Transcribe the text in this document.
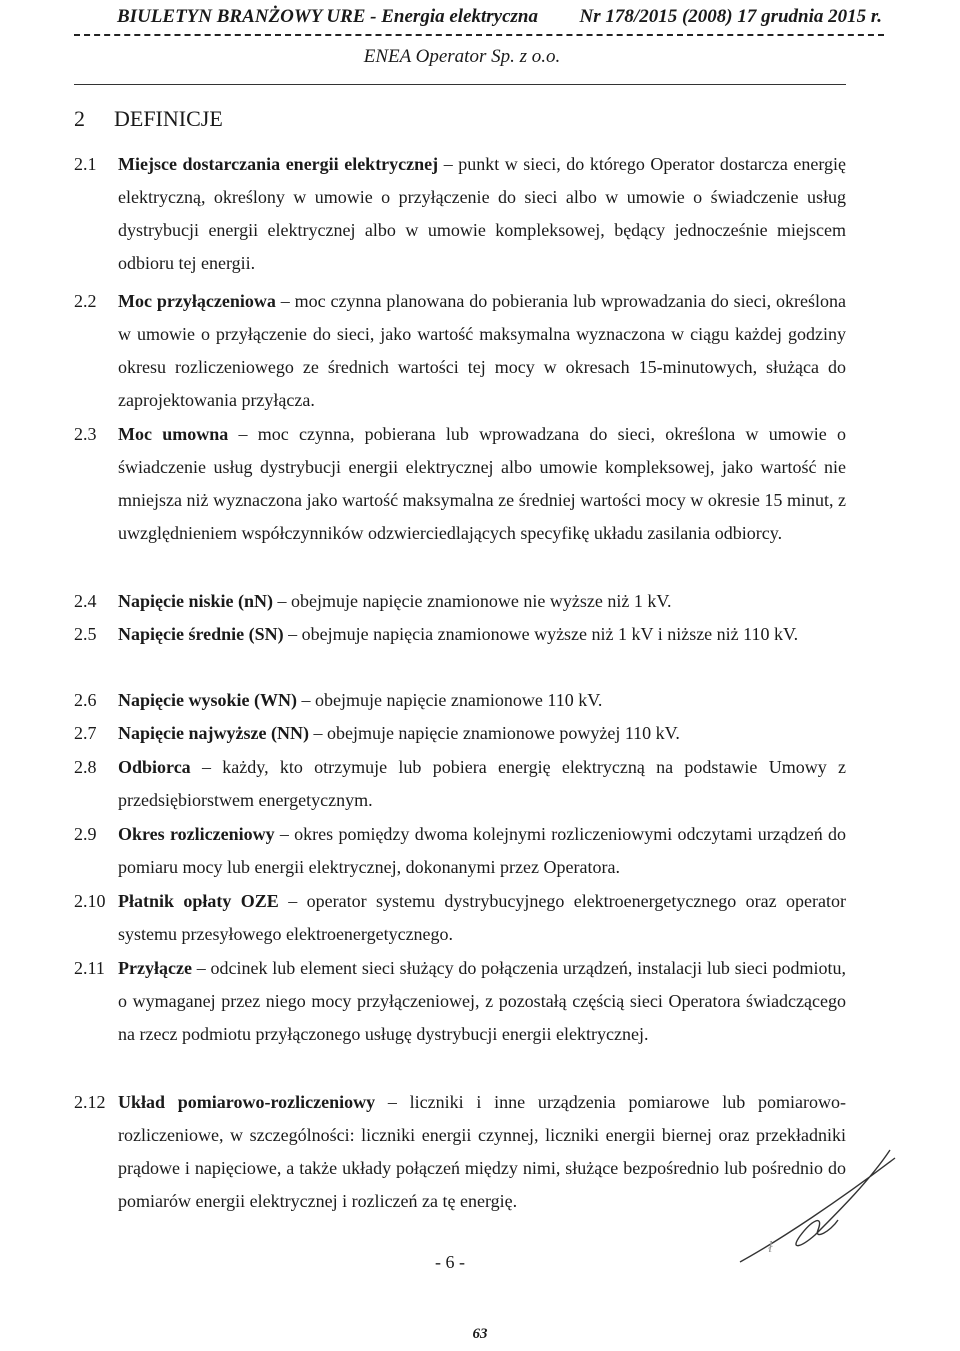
BIULETYN BRANŻOWY URE - Energia elektryczna Nr 178/2015 (2008) 17 grudnia 2015 r.
ENEA Operator Sp. z o.o.
2 DEFINICJE
2.1 Miejsce dostarczania energii elektrycznej – punkt w sieci, do którego Operator dostarcza energię elektryczną, określony w umowie o przyłączenie do sieci albo w umowie o świadczenie usług dystrybucji energii elektrycznej albo w umowie kompleksowej, będący jednocześnie miejscem odbioru tej energii.
2.2 Moc przyłączeniowa – moc czynna planowana do pobierania lub wprowadzania do sieci, określona w umowie o przyłączenie do sieci, jako wartość maksymalna wyznaczona w ciągu każdej godziny okresu rozliczeniowego ze średnich wartości tej mocy w okresach 15-minutowych, służąca do zaprojektowania przyłącza.
2.3 Moc umowna – moc czynna, pobierana lub wprowadzana do sieci, określona w umowie o świadczenie usług dystrybucji energii elektrycznej albo umowie kompleksowej, jako wartość nie mniejsza niż wyznaczona jako wartość maksymalna ze średniej wartości mocy w okresie 15 minut, z uwzględnieniem współczynników odzwierciedlających specyfikę układu zasilania odbiorcy.
2.4 Napięcie niskie (nN) – obejmuje napięcie znamionowe nie wyższe niż 1 kV.
2.5 Napięcie średnie (SN) – obejmuje napięcia znamionowe wyższe niż 1 kV i niższe niż 110 kV.
2.6 Napięcie wysokie (WN) – obejmuje napięcie znamionowe 110 kV.
2.7 Napięcie najwyższe (NN) – obejmuje napięcie znamionowe powyżej 110 kV.
2.8 Odbiorca – każdy, kto otrzymuje lub pobiera energię elektryczną na podstawie Umowy z przedsiębiorstwem energetycznym.
2.9 Okres rozliczeniowy – okres pomiędzy dwoma kolejnymi rozliczeniowymi odczytami urządzeń do pomiaru mocy lub energii elektrycznej, dokonanymi przez Operatora.
2.10 Płatnik opłaty OZE – operator systemu dystrybucyjnego elektroenergetycznego oraz operator systemu przesyłowego elektroenergetycznego.
2.11 Przyłącze – odcinek lub element sieci służący do połączenia urządzeń, instalacji lub sieci podmiotu, o wymaganej przez niego mocy przyłączeniowej, z pozostałą częścią sieci Operatora świadczącego na rzecz podmiotu przyłączonego usługę dystrybucji energii elektrycznej.
2.12 Układ pomiarowo-rozliczeniowy – liczniki i inne urządzenia pomiarowe lub pomiarowo-rozliczeniowe, w szczególności: liczniki energii czynnej, liczniki energii biernej oraz przekładniki prądowe i napięciowe, a także układy połączeń między nimi, służące bezpośrednio lub pośrednio do pomiarów energii elektrycznej i rozliczeń za tę energię.
ł
- 6 -
63
